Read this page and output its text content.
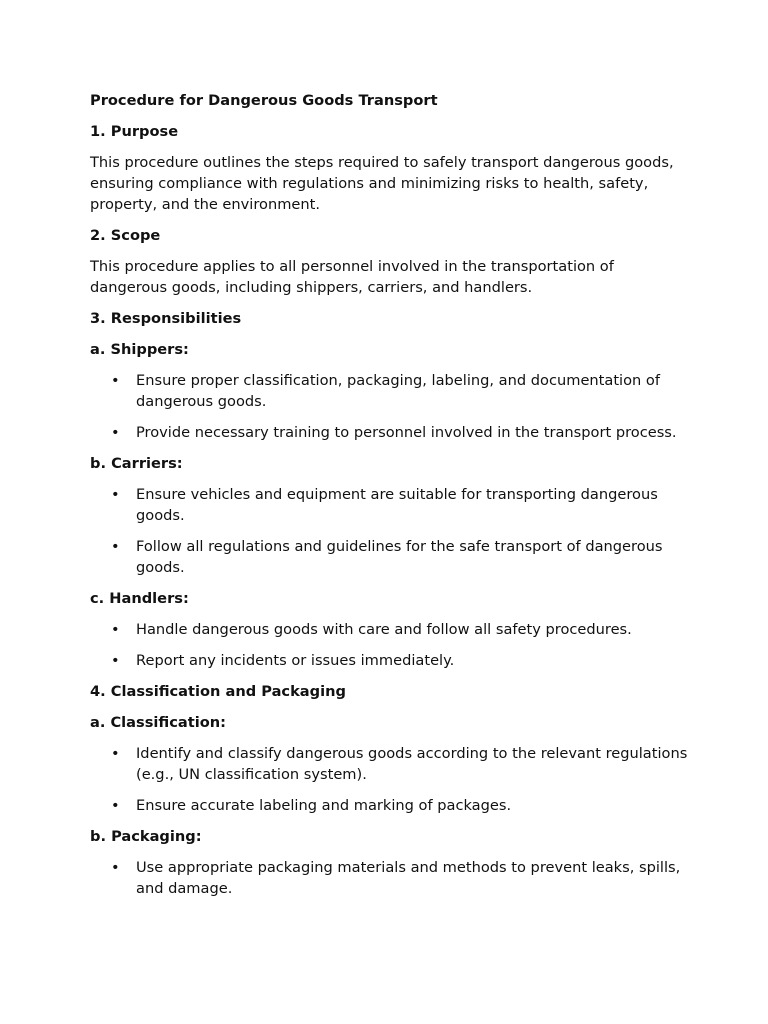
Procedure for Dangerous Goods Transport
1. Purpose
This procedure outlines the steps required to safely transport dangerous goods, ensuring compliance with regulations and minimizing risks to health, safety, property, and the environment.
2. Scope
This procedure applies to all personnel involved in the transportation of dangerous goods, including shippers, carriers, and handlers.
3. Responsibilities
a. Shippers:
• Ensure proper classification, packaging, labeling, and documentation of dangerous goods.
• Provide necessary training to personnel involved in the transport process.
b. Carriers:
• Ensure vehicles and equipment are suitable for transporting dangerous goods.
• Follow all regulations and guidelines for the safe transport of dangerous goods.
c. Handlers:
• Handle dangerous goods with care and follow all safety procedures.
• Report any incidents or issues immediately.
4. Classification and Packaging
a. Classification:
• Identify and classify dangerous goods according to the relevant regulations (e.g., UN classification system).
• Ensure accurate labeling and marking of packages.
b. Packaging:
• Use appropriate packaging materials and methods to prevent leaks, spills, and damage.
